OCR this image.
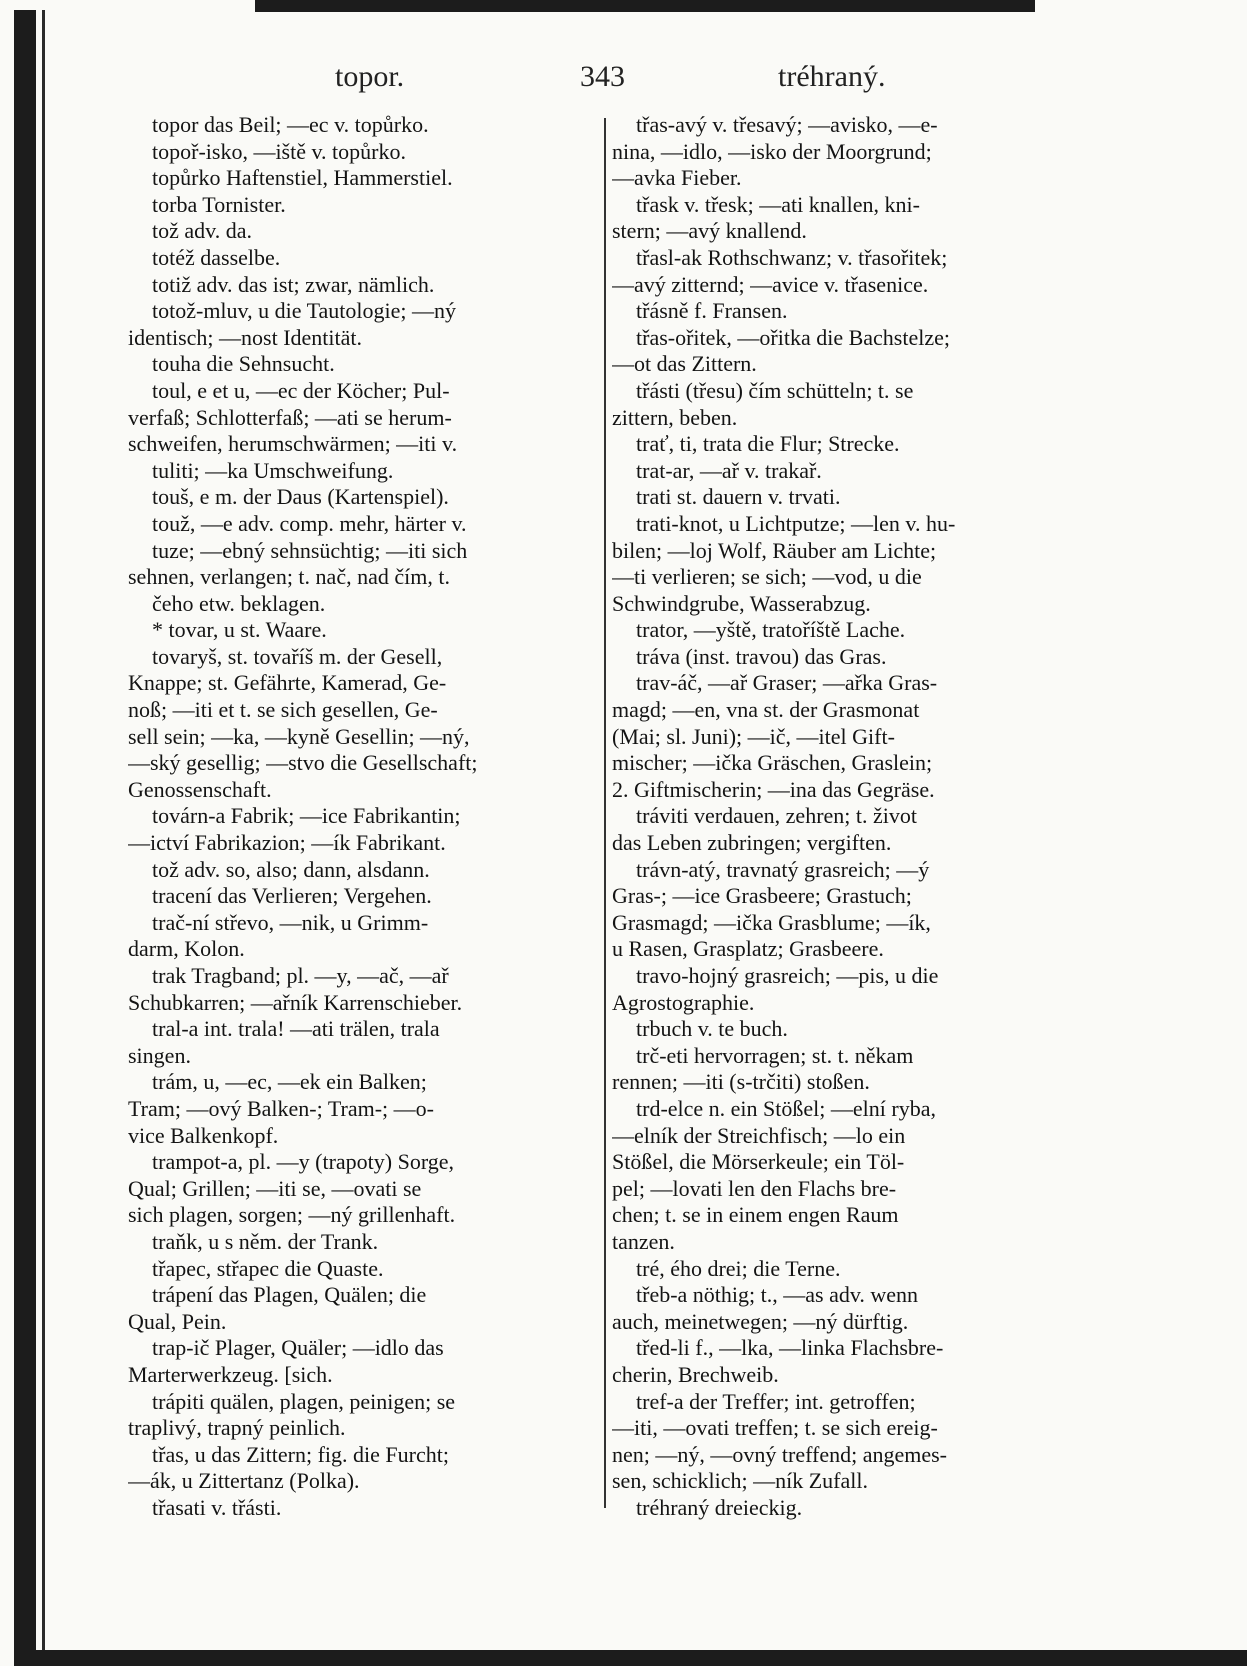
topor.	343	tréhraný.
topor das Beil; —ec v. topůrko.
topoř-isko, —iště v. topůrko.
topůrko Haftenstiel, Hammerstiel.
torba Tornister.
tož adv. da.
totéž dasselbe.
totiž adv. das ist; zwar, nämlich.
totož-mluv, u die Tautologie; —ný
identisch; —nost Identität.
touha die Sehnsucht.
toul, e et u, —ec der Köcher; Pul-
verfaß; Schlotterfaß; —ati se herum-
schweifen, herumschwärmen; —iti v.
tuliti; —ka Umschweifung.
touš, e m. der Daus (Kartenspiel).
touž, —e adv. comp. mehr, härter v.
tuze; —ebný sehnsüchtig; —iti sich
sehnen, verlangen; t. nač, nad čím, t.
čeho etw. beklagen.
* tovar, u st. Waare.
tovaryš, st. tovaříš m. der Gesell,
Knappe; st. Gefährte, Kamerad, Ge-
noß; —iti et t. se sich gesellen, Ge-
sell sein; —ka, —kyně Gesellin; —ný,
—ský gesellig; —stvo die Gesellschaft;
Genossenschaft.
továrn-a Fabrik; —ice Fabrikantin;
—ictví Fabrikazion; —ík Fabrikant.
tož adv. so, also; dann, alsdann.
tracení das Verlieren; Vergehen.
trač-ní střevo, —nik, u Grimm-
darm, Kolon.
trak Tragband; pl. —y, —ač, —ař
Schubkarren; —ařník Karrenschieber.
tral-a int. trala! —ati trälen, trala
singen.
trám, u, —ec, —ek ein Balken;
Tram; —ový Balken-; Tram-; —o-
vice Balkenkopf.
trampot-a, pl. —y (trapoty) Sorge,
Qual; Grillen; —iti se, —ovati se
sich plagen, sorgen; —ný grillenhaft.
traňk, u s něm. der Trank.
třapec, střapec die Quaste.
trápení das Plagen, Quälen; die
Qual, Pein.
trap-ič Plager, Quäler; —idlo das
Marterwerkzeug. [sich.
trápiti quälen, plagen, peinigen; se
traplivý, trapný peinlich.
třas, u das Zittern; fig. die Furcht;
—ák, u Zittertanz (Polka).
třasati v. třásti.
třas-avý v. třesavý; —avisko, —e-
nina, —idlo, —isko der Moorgrund;
—avka Fieber.
třask v. třesk; —ati knallen, kni-
stern; —avý knallend.
třasl-ak Rothschwanz; v. třasořitek;
—avý zitternd; —avice v. třasenice.
třásně f. Fransen.
třas-ořitek, —ořitka die Bachstelze;
—ot das Zittern.
třásti (třesu) čím schütteln; t. se
zittern, beben.
trať, ti, trata die Flur; Strecke.
trat-ar, —ař v. trakař.
trati st. dauern v. trvati.
trati-knot, u Lichtputze; —len v. hu-
bilen; —loj Wolf, Räuber am Lichte;
—ti verlieren; se sich; —vod, u die
Schwindgrube, Wasserabzug.
trator, —yště, tratoříště Lache.
tráva (inst. travou) das Gras.
trav-áč, —ař Graser; —ařka Gras-
magd; —en, vna st. der Grasmonat
(Mai; sl. Juni); —ič, —itel Gift-
mischer; —ička Gräschen, Graslein;
2. Giftmischerin; —ina das Gegräse.
tráviti verdauen, zehren; t. život
das Leben zubringen; vergiften.
trávn-atý, travnatý grasreich; —ý
Gras-; —ice Grasbeere; Grastuch;
Grasmagd; —ička Grasblume; —ík,
u Rasen, Grasplatz; Grasbeere.
travo-hojný grasreich; —pis, u die
Agrostographie.
trbuch v. te buch.
trč-eti hervorragen; st. t. někam
rennen; —iti (s-trčiti) stoßen.
trd-elce n. ein Stößel; —elní ryba,
—elník der Streichfisch; —lo ein
Stößel, die Mörserkeule; ein Töl-
pel; —lovati len den Flachs bre-
chen; t. se in einem engen Raum
tanzen.
tré, ého drei; die Terne.
třeb-a nöthig; t., —as adv. wenn
auch, meinetwegen; —ný dürftig.
třed-li f., —lka, —linka Flachsbre-
cherin, Brechweib.
tref-a der Treffer; int. getroffen;
—iti, —ovati treffen; t. se sich ereig-
nen; —ný, —ovný treffend; angemes-
sen, schicklich; —ník Zufall.
tréhraný dreieckig.
